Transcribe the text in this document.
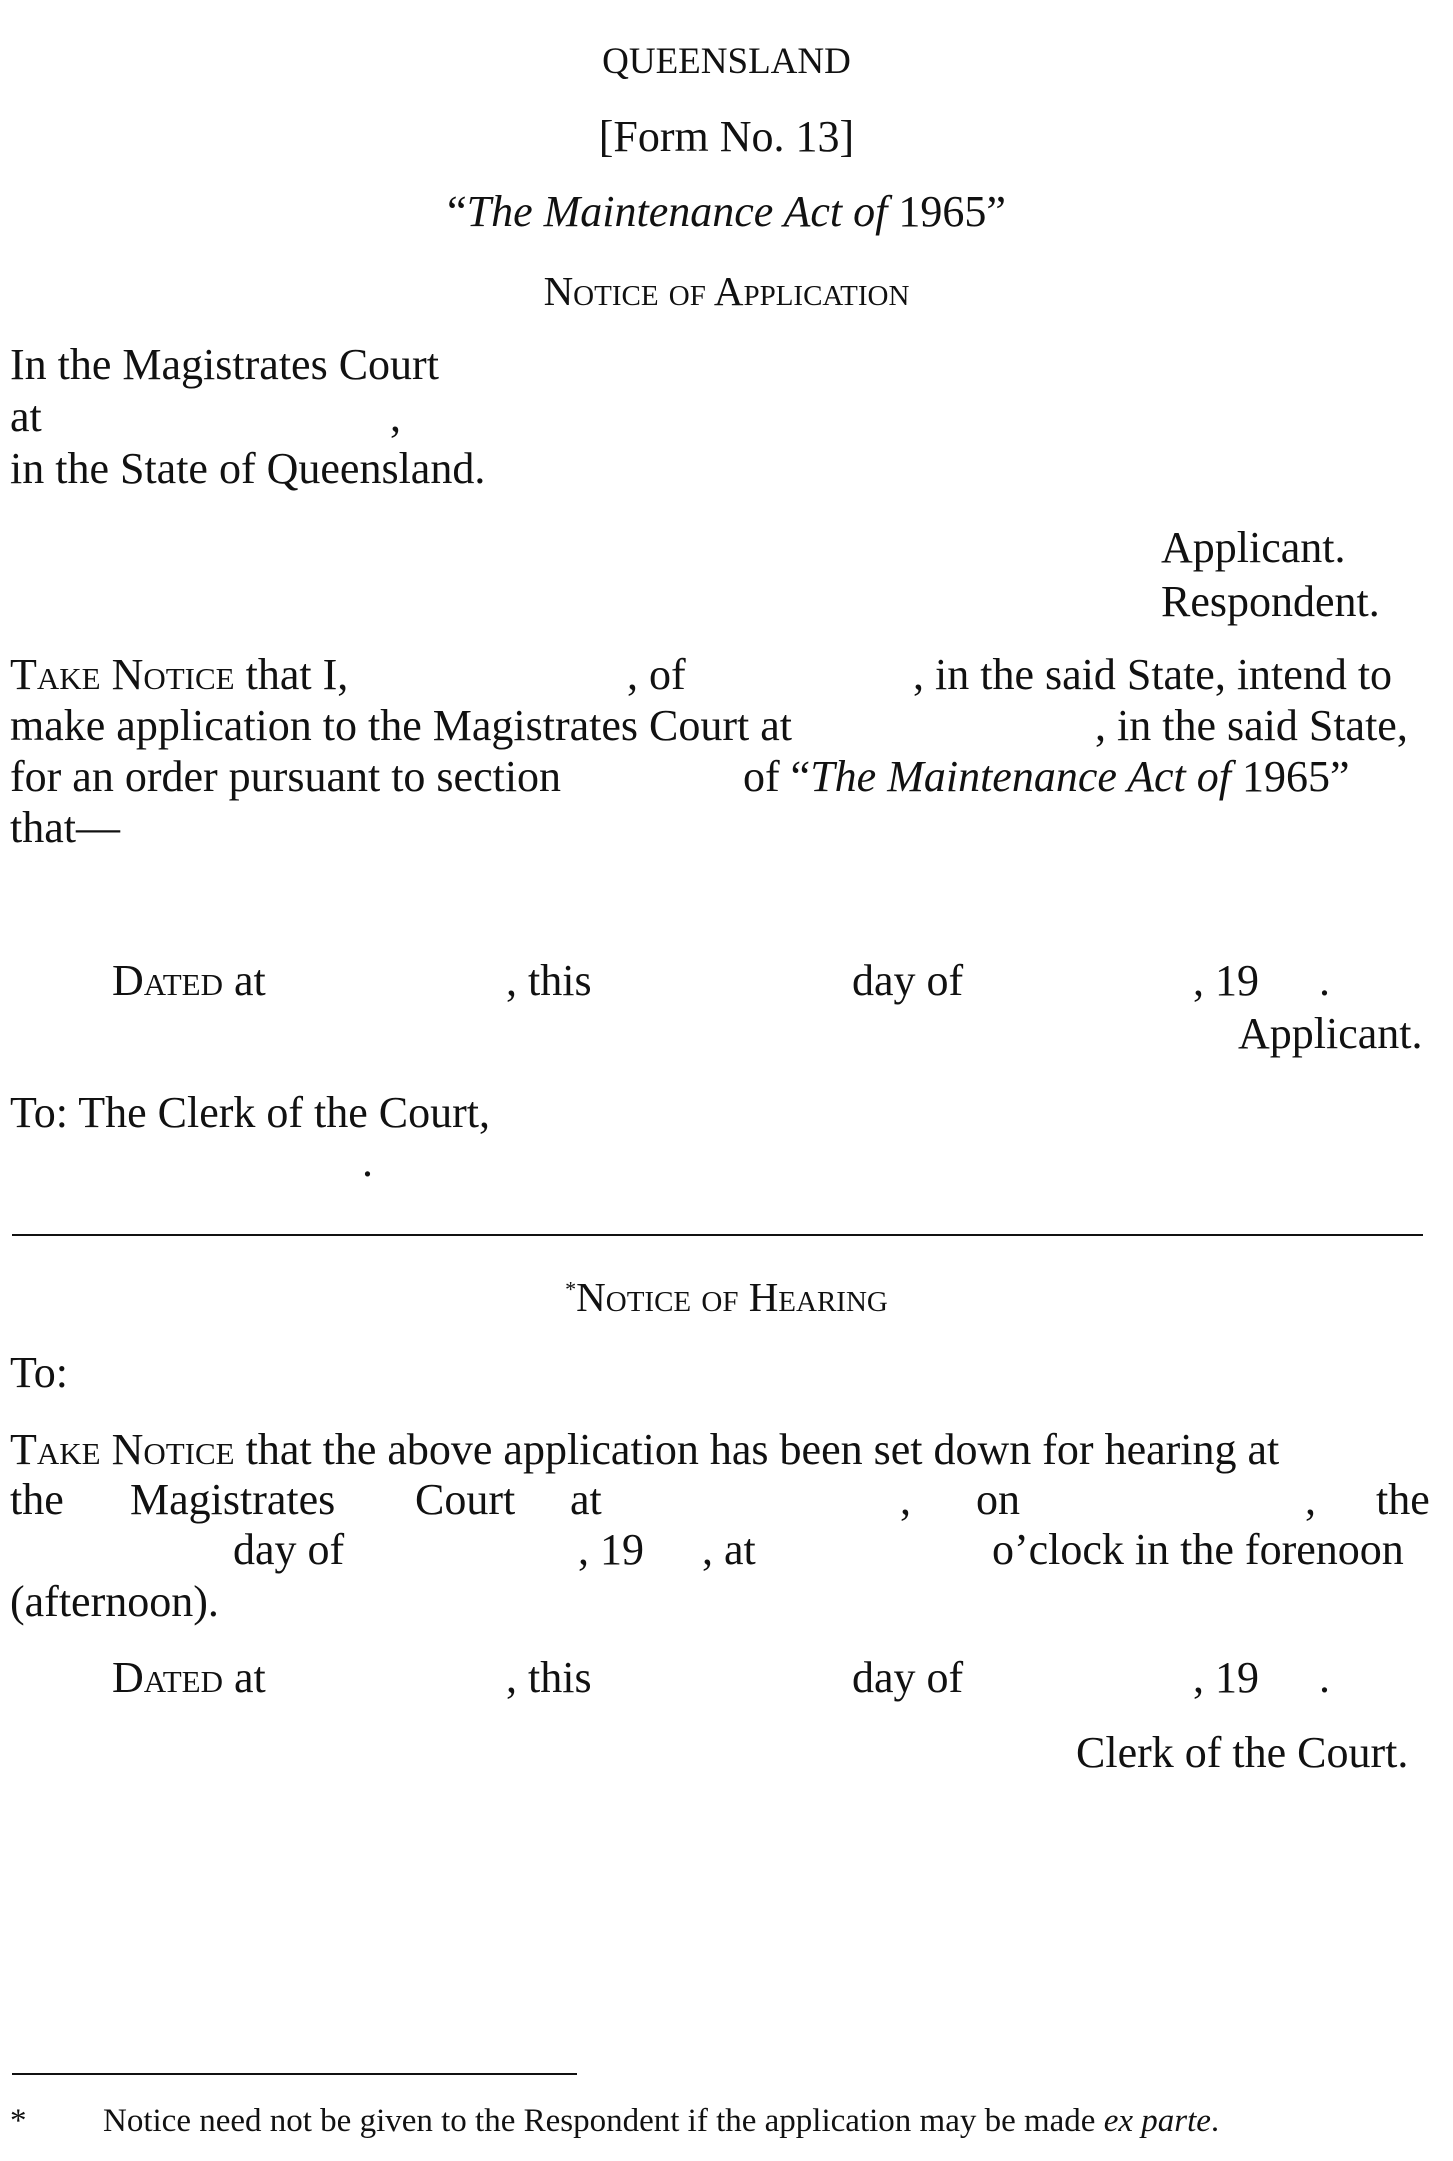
QUEENSLAND
[Form No. 13]
“The Maintenance Act of 1965”
Notice of Application
In the Magistrates Court
at	,
in the State of Queensland.
Applicant.
Respondent.
Take Notice that I,	, of	, in the said State, intend to
make application to the Magistrates Court at	, in the said State,
for an order pursuant to section	of “The Maintenance Act of 1965”
that—
Dated at	, this	day of	, 19 .
Applicant.
To: The Clerk of the Court,
.
*Notice of Hearing
To:
Take Notice that the above application has been set down for hearing at
the Magistrates Court at	, on	, the
day of	, 19 , at	o’clock in the forenoon
(afternoon).
Dated at	, this	day of	, 19 .
Clerk of the Court.
* Notice need not be given to the Respondent if the application may be made ex parte.
